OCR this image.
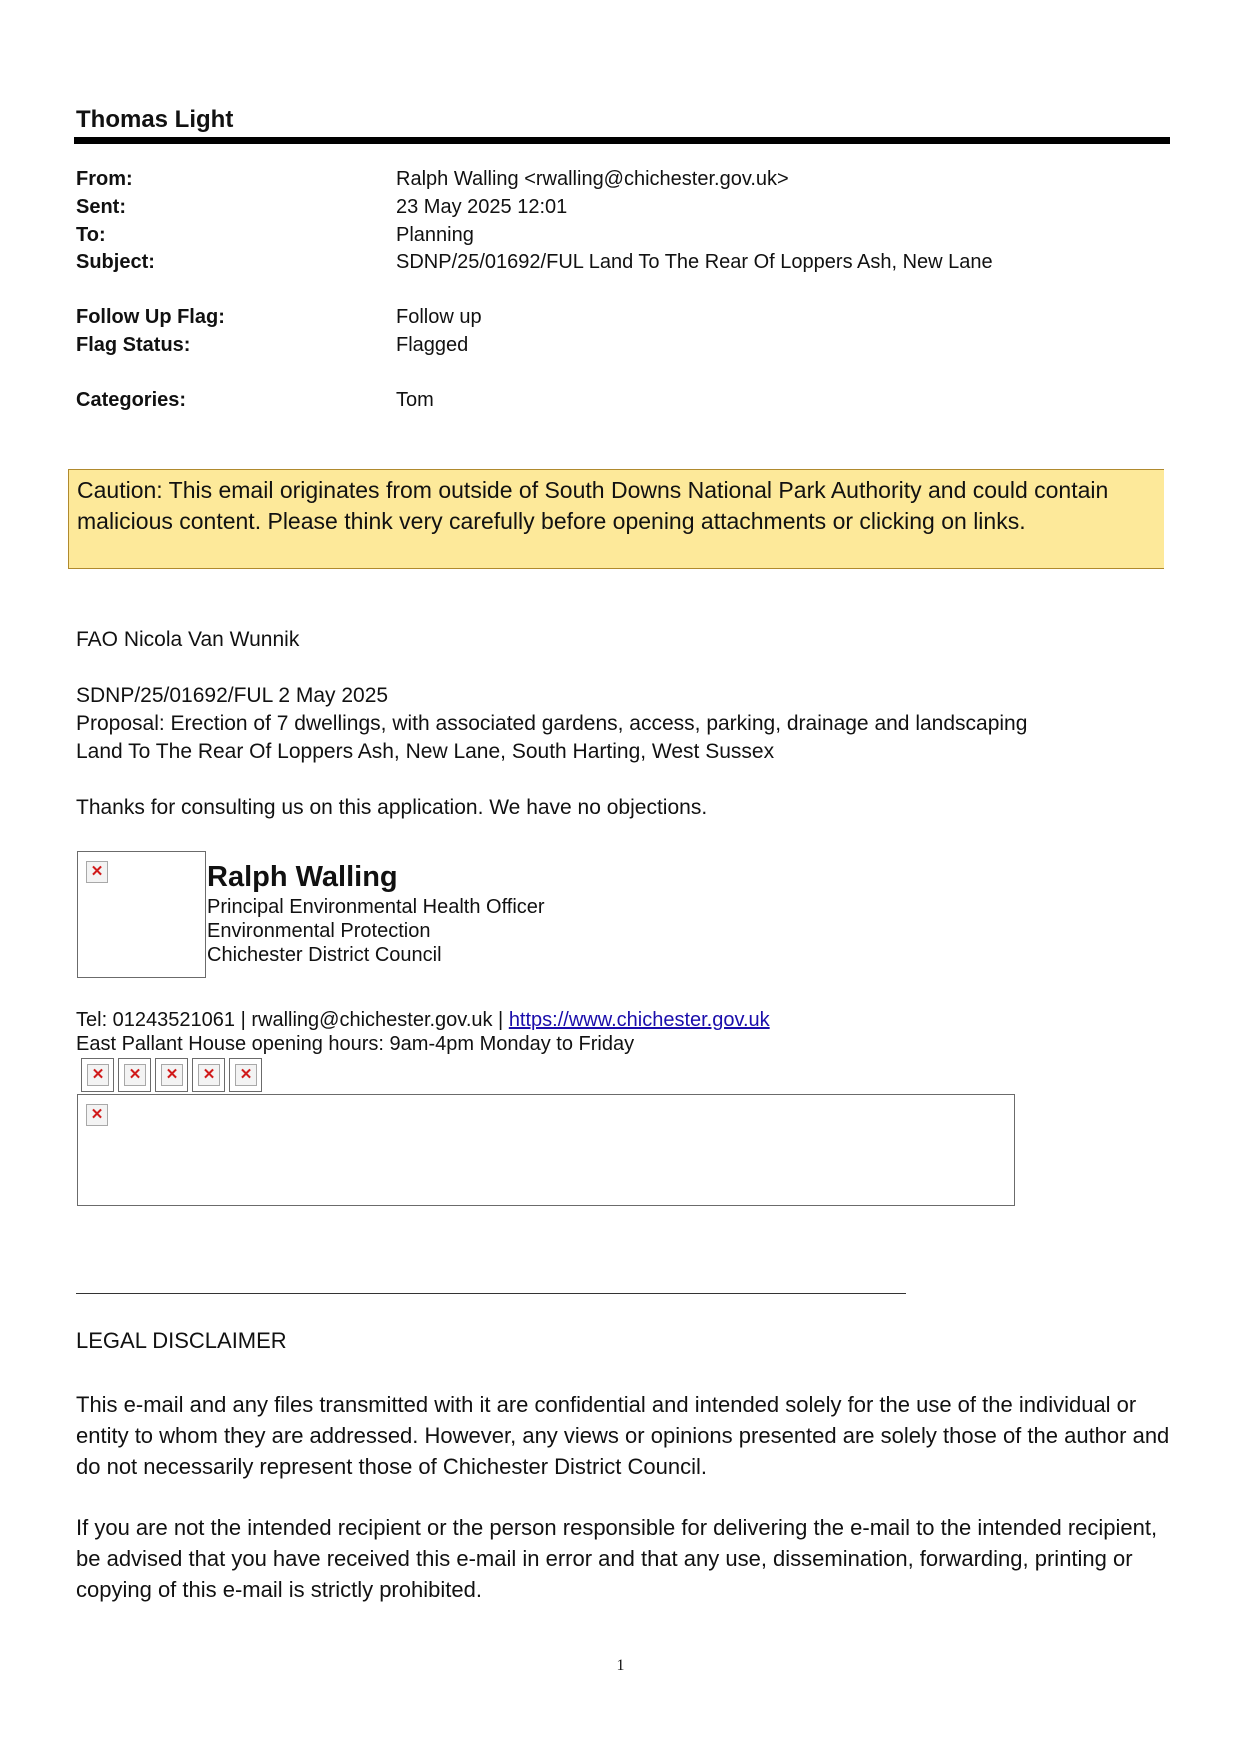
Thomas Light
From:	Ralph Walling <rwalling@chichester.gov.uk>
Sent:	23 May 2025 12:01
To:	Planning
Subject:	SDNP/25/01692/FUL Land To The Rear Of Loppers Ash, New Lane
Follow Up Flag:	Follow up
Flag Status:	Flagged
Categories:	Tom
Caution: This email originates from outside of South Downs National Park Authority and could contain malicious content. Please think very carefully before opening attachments or clicking on links.
FAO Nicola Van Wunnik
SDNP/25/01692/FUL 2 May 2025
Proposal: Erection of 7 dwellings, with associated gardens, access, parking, drainage and landscaping
Land To The Rear Of Loppers Ash, New Lane, South Harting, West Sussex
Thanks for consulting us on this application. We have no objections.
✕	Ralph Walling
Principal Environmental Health Officer
Environmental Protection
Chichester District Council
Tel: 01243521061 | rwalling@chichester.gov.uk | https://www.chichester.gov.uk
East Pallant House opening hours: 9am-4pm Monday to Friday
✕	✕	✕	✕	✕
✕
LEGAL DISCLAIMER
This e-mail and any files transmitted with it are confidential and intended solely for the use of the individual or entity to whom they are addressed. However, any views or opinions presented are solely those of the author and do not necessarily represent those of Chichester District Council.
If you are not the intended recipient or the person responsible for delivering the e-mail to the intended recipient, be advised that you have received this e-mail in error and that any use, dissemination, forwarding, printing or copying of this e-mail is strictly prohibited.
1
